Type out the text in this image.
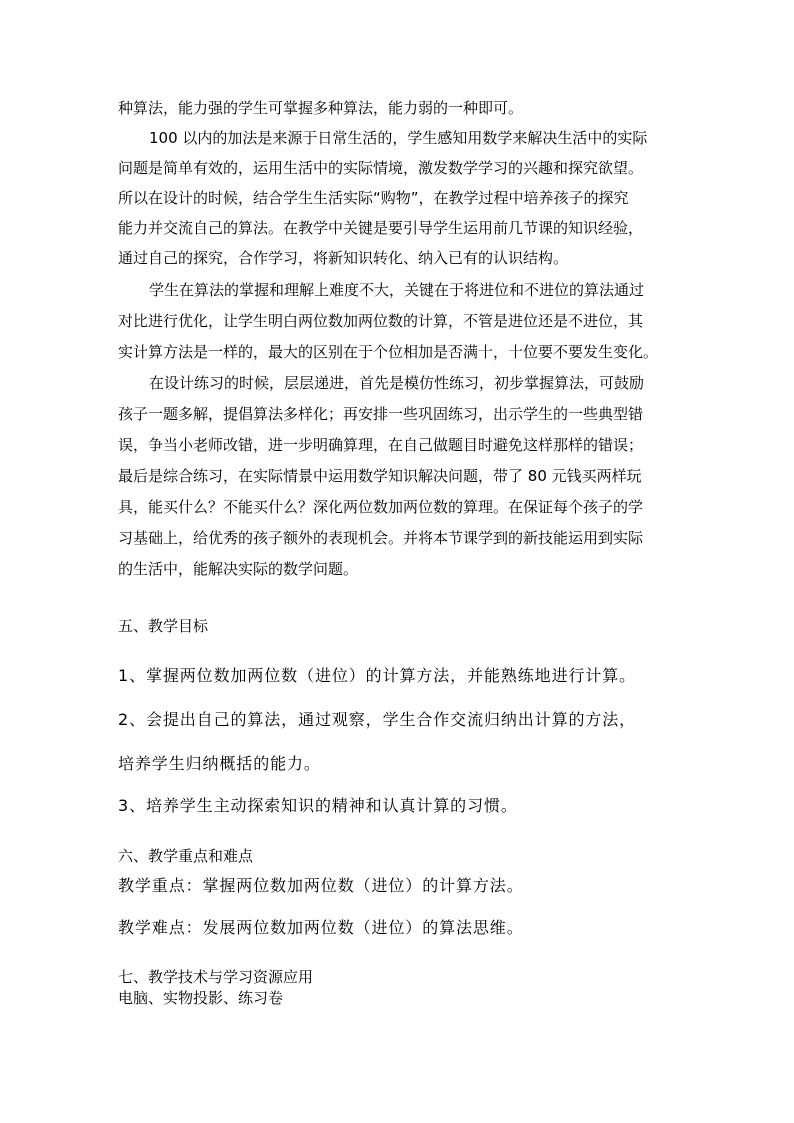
种算法，能力强的学生可掌握多种算法，能力弱的一种即可。
100 以内的加法是来源于日常生活的，学生感知用数学来解决生活中的实际
问题是简单有效的，运用生活中的实际情境，激发数学学习的兴趣和探究欲望。
所以在设计的时候，结合学生生活实际“购物”，在教学过程中培养孩子的探究
能力并交流自己的算法。在教学中关键是要引导学生运用前几节课的知识经验，
通过自己的探究，合作学习，将新知识转化、纳入已有的认识结构。
学生在算法的掌握和理解上难度不大，关键在于将进位和不进位的算法通过
对比进行优化，让学生明白两位数加两位数的计算，不管是进位还是不进位，其
实计算方法是一样的，最大的区别在于个位相加是否满十，十位要不要发生变化。
在设计练习的时候，层层递进，首先是模仿性练习，初步掌握算法，可鼓励
孩子一题多解，提倡算法多样化；再安排一些巩固练习，出示学生的一些典型错
误，争当小老师改错，进一步明确算理，在自己做题目时避免这样那样的错误；
最后是综合练习，在实际情景中运用数学知识解决问题，带了 80 元钱买两样玩
具，能买什么？不能买什么？深化两位数加两位数的算理。在保证每个孩子的学
习基础上，给优秀的孩子额外的表现机会。并将本节课学到的新技能运用到实际
的生活中，能解决实际的数学问题。
五、教学目标
1、掌握两位数加两位数（进位）的计算方法，并能熟练地进行计算。
2、会提出自己的算法，通过观察，学生合作交流归纳出计算的方法，
培养学生归纳概括的能力。
3、培养学生主动探索知识的精神和认真计算的习惯。
六、教学重点和难点
教学重点：掌握两位数加两位数（进位）的计算方法。
教学难点：发展两位数加两位数（进位）的算法思维。
七、教学技术与学习资源应用
电脑、实物投影、练习卷
